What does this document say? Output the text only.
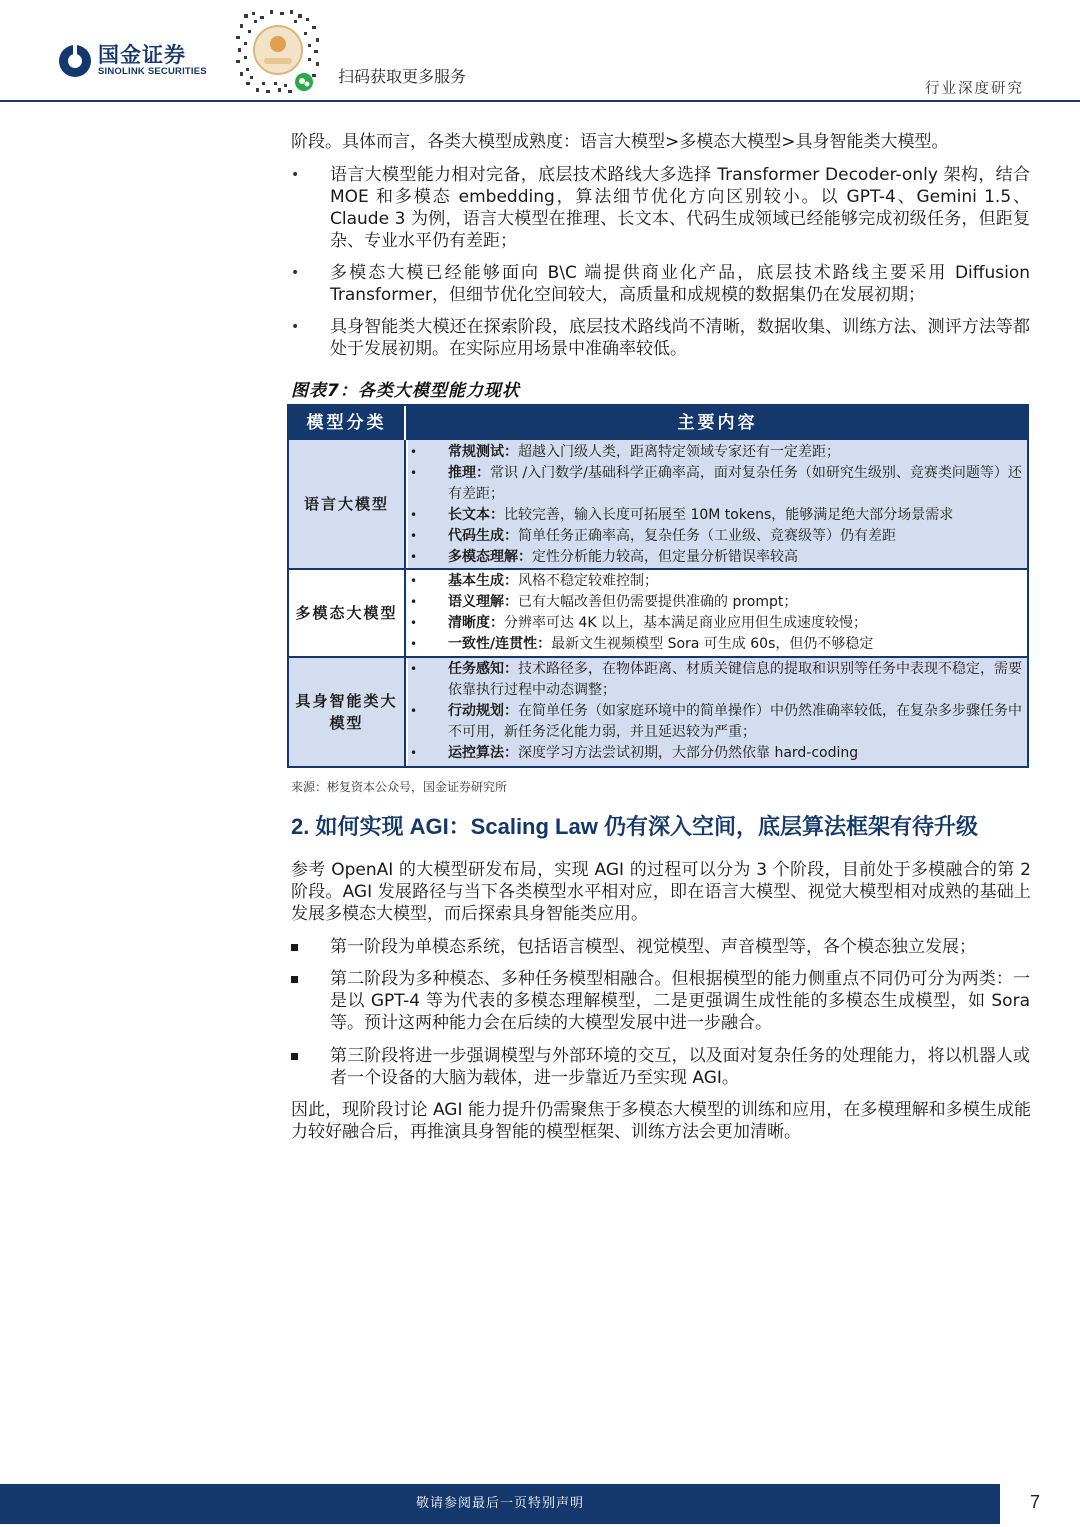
国金证券
SINOLINK SECURITIES	扫码获取更多服务
行业深度研究
阶段。具体而言，各类大模型成熟度：语言大模型>多模态大模型>具身智能类大模型。
•	语言大模型能力相对完备，底层技术路线大多选择 Transformer Decoder-only 架构，结合 MOE 和多模态 embedding，算法细节优化方向区别较小。以 GPT-4、Gemini 1.5、Claude 3 为例，语言大模型在推理、长文本、代码生成领域已经能够完成初级任务，但距复杂、专业水平仍有差距；
•	多模态大模已经能够面向 B\C 端提供商业化产品，底层技术路线主要采用 Diffusion Transformer，但细节优化空间较大，高质量和成规模的数据集仍在发展初期；
•	具身智能类大模还在探索阶段，底层技术路线尚不清晰，数据收集、训练方法、测评方法等都处于发展初期。在实际应用场景中准确率较低。
图表7：各类大模型能力现状
模型分类	主要内容
语言大模型
• 常规测试：超越入门级人类，距离特定领域专家还有一定差距；
• 推理：常识 /入门数学/基础科学正确率高，面对复杂任务（如研究生级别、竞赛类问题等）还有差距；
• 长文本：比较完善，输入长度可拓展至 10M tokens，能够满足绝大部分场景需求
• 代码生成：简单任务正确率高，复杂任务（工业级、竞赛级等）仍有差距
• 多模态理解：定性分析能力较高，但定量分析错误率较高
多模态大模型
• 基本生成：风格不稳定较难控制；
• 语义理解：已有大幅改善但仍需要提供准确的 prompt；
• 清晰度：分辨率可达 4K 以上，基本满足商业应用但生成速度较慢；
• 一致性/连贯性：最新文生视频模型 Sora 可生成 60s，但仍不够稳定
具身智能类大模型
• 任务感知：技术路径多，在物体距离、材质关键信息的提取和识别等任务中表现不稳定，需要依靠执行过程中动态调整；
• 行动规划：在简单任务（如家庭环境中的简单操作）中仍然准确率较低，在复杂多步骤任务中不可用，新任务泛化能力弱，并且延迟较为严重；
• 运控算法：深度学习方法尝试初期，大部分仍然依靠 hard-coding
来源：彬复资本公众号，国金证券研究所
2. 如何实现 AGI：Scaling Law 仍有深入空间，底层算法框架有待升级
参考 OpenAI 的大模型研发布局，实现 AGI 的过程可以分为 3 个阶段，目前处于多模融合的第 2 阶段。AGI 发展路径与当下各类模型水平相对应，即在语言大模型、视觉大模型相对成熟的基础上发展多模态大模型，而后探索具身智能类应用。
第一阶段为单模态系统，包括语言模型、视觉模型、声音模型等，各个模态独立发展；
第二阶段为多种模态、多种任务模型相融合。但根据模型的能力侧重点不同仍可分为两类：一是以 GPT-4 等为代表的多模态理解模型，二是更强调生成性能的多模态生成模型，如 Sora 等。预计这两种能力会在后续的大模型发展中进一步融合。
第三阶段将进一步强调模型与外部环境的交互，以及面对复杂任务的处理能力，将以机器人或者一个设备的大脑为载体，进一步靠近乃至实现 AGI。
因此，现阶段讨论 AGI 能力提升仍需聚焦于多模态大模型的训练和应用，在多模理解和多模生成能力较好融合后，再推演具身智能的模型框架、训练方法会更加清晰。
敬请参阅最后一页特别声明	7
